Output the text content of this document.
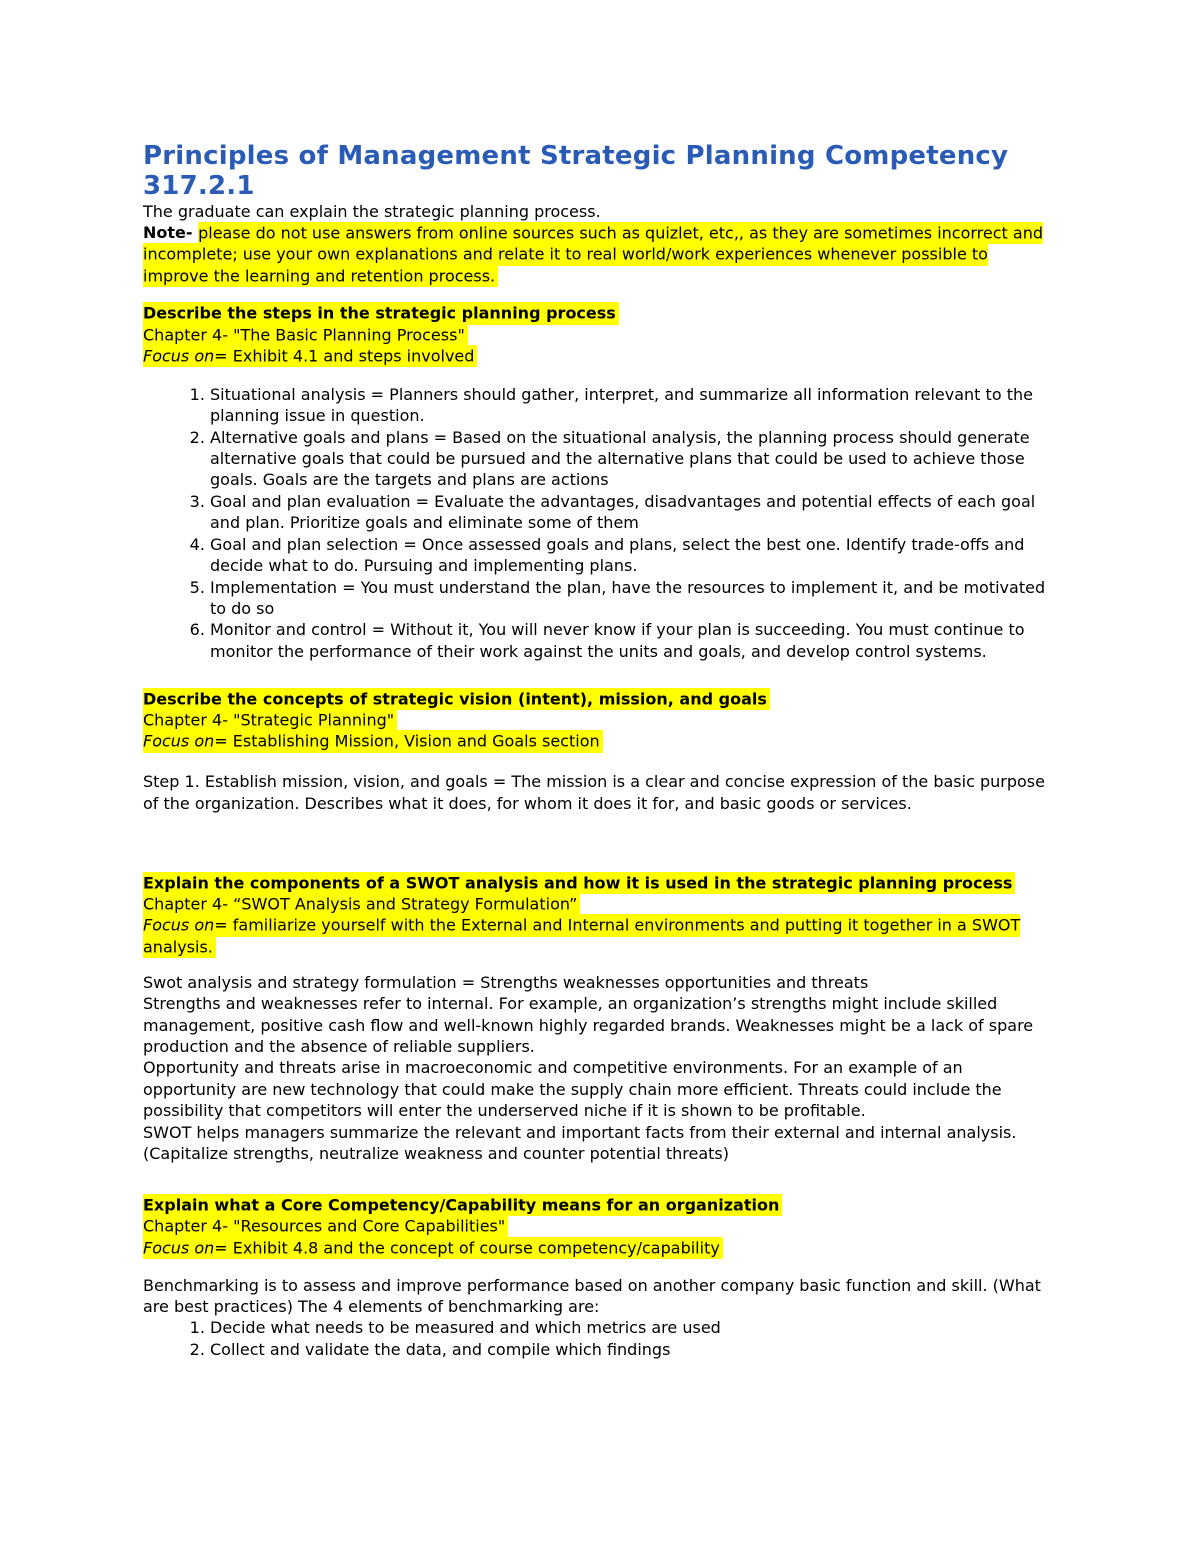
Principles of Management Strategic Planning Competency 317.2.1
The graduate can explain the strategic planning process.
Note- please do not use answers from online sources such as quizlet, etc,, as they are sometimes incorrect and incomplete; use your own explanations and relate it to real world/work experiences whenever possible to improve the learning and retention process.
Describe the steps in the strategic planning process
Chapter 4- "The Basic Planning Process"
Focus on= Exhibit 4.1 and steps involved
1. Situational analysis = Planners should gather, interpret, and summarize all information relevant to the planning issue in question.
2. Alternative goals and plans = Based on the situational analysis, the planning process should generate alternative goals that could be pursued and the alternative plans that could be used to achieve those goals. Goals are the targets and plans are actions
3. Goal and plan evaluation = Evaluate the advantages, disadvantages and potential effects of each goal and plan. Prioritize goals and eliminate some of them
4. Goal and plan selection = Once assessed goals and plans, select the best one. Identify trade-offs and decide what to do. Pursuing and implementing plans.
5. Implementation = You must understand the plan, have the resources to implement it, and be motivated to do so
6. Monitor and control = Without it, You will never know if your plan is succeeding. You must continue to monitor the performance of their work against the units and goals, and develop control systems.
Describe the concepts of strategic vision (intent), mission, and goals
Chapter 4- "Strategic Planning"
Focus on= Establishing Mission, Vision and Goals section
Step 1. Establish mission, vision, and goals = The mission is a clear and concise expression of the basic purpose of the organization. Describes what it does, for whom it does it for, and basic goods or services.
Explain the components of a SWOT analysis and how it is used in the strategic planning process
Chapter 4- “SWOT Analysis and Strategy Formulation”
Focus on= familiarize yourself with the External and Internal environments and putting it together in a SWOT analysis.
Swot analysis and strategy formulation = Strengths weaknesses opportunities and threats
Strengths and weaknesses refer to internal. For example, an organization’s strengths might include skilled management, positive cash flow and well-known highly regarded brands. Weaknesses might be a lack of spare production and the absence of reliable suppliers.
Opportunity and threats arise in macroeconomic and competitive environments. For an example of an opportunity are new technology that could make the supply chain more efficient. Threats could include the possibility that competitors will enter the underserved niche if it is shown to be profitable.
SWOT helps managers summarize the relevant and important facts from their external and internal analysis. (Capitalize strengths, neutralize weakness and counter potential threats)
Explain what a Core Competency/Capability means for an organization
Chapter 4- "Resources and Core Capabilities"
Focus on= Exhibit 4.8 and the concept of course competency/capability
Benchmarking is to assess and improve performance based on another company basic function and skill. (What are best practices) The 4 elements of benchmarking are:
1. Decide what needs to be measured and which metrics are used
2. Collect and validate the data, and compile which findings
